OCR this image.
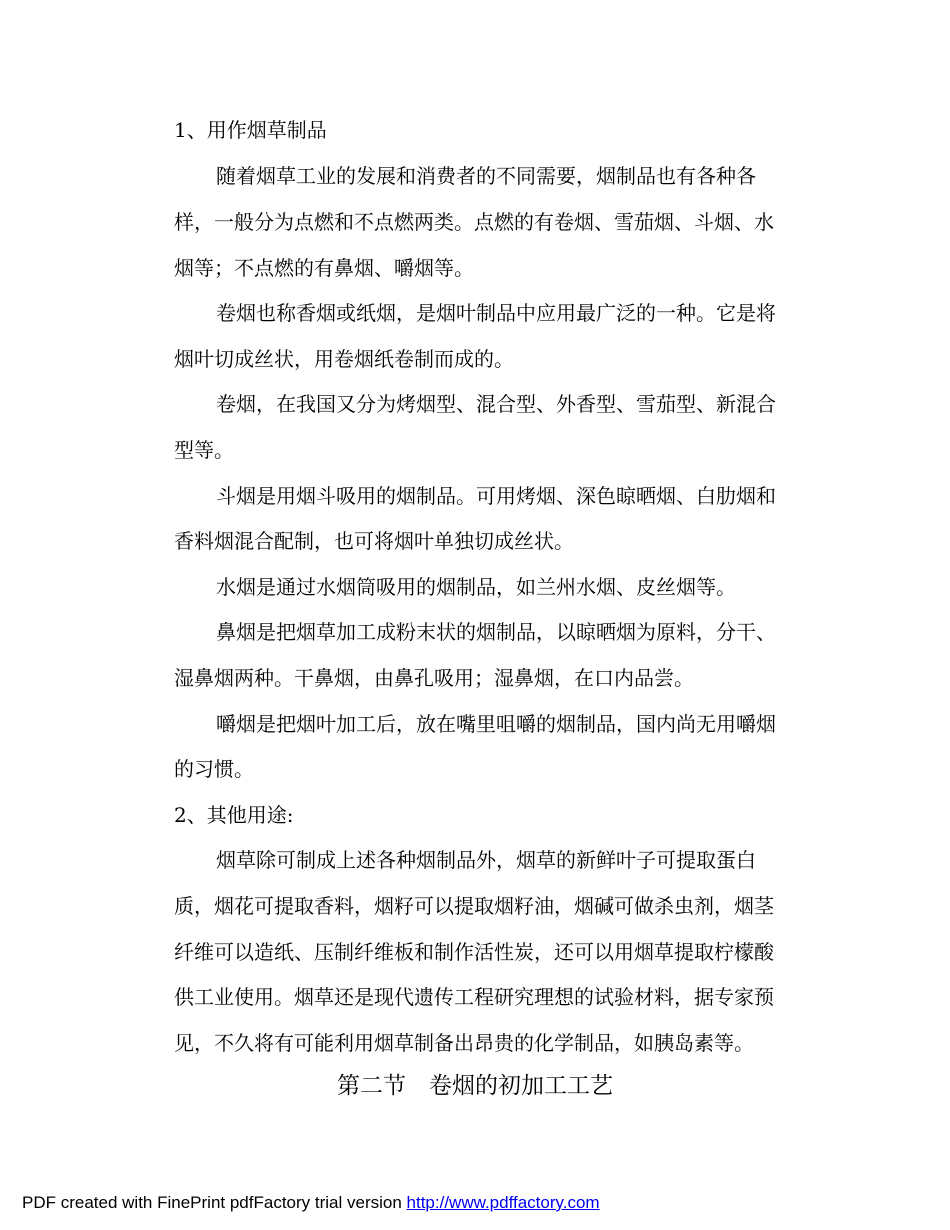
1、用作烟草制品

随着烟草工业的发展和消费者的不同需要，烟制品也有各种各

样，一般分为点燃和不点燃两类。点燃的有卷烟、雪茄烟、斗烟、水

烟等；不点燃的有鼻烟、嚼烟等。

卷烟也称香烟或纸烟，是烟叶制品中应用最广泛的一种。它是将

烟叶切成丝状，用卷烟纸卷制而成的。

卷烟，在我国又分为烤烟型、混合型、外香型、雪茄型、新混合

型等。

斗烟是用烟斗吸用的烟制品。可用烤烟、深色晾晒烟、白肋烟和

香料烟混合配制，也可将烟叶单独切成丝状。

水烟是通过水烟筒吸用的烟制品，如兰州水烟、皮丝烟等。

鼻烟是把烟草加工成粉末状的烟制品，以晾晒烟为原料，分干、

湿鼻烟两种。干鼻烟，由鼻孔吸用；湿鼻烟，在口内品尝。

嚼烟是把烟叶加工后，放在嘴里咀嚼的烟制品，国内尚无用嚼烟

的习惯。

2、其他用途:

烟草除可制成上述各种烟制品外，烟草的新鲜叶子可提取蛋白

质，烟花可提取香料，烟籽可以提取烟籽油，烟碱可做杀虫剂，烟茎

纤维可以造纸、压制纤维板和制作活性炭，还可以用烟草提取柠檬酸

供工业使用。烟草还是现代遗传工程研究理想的试验材料，据专家预

见，不久将有可能利用烟草制备出昂贵的化学制品，如胰岛素等。

第二节　卷烟的初加工工艺
PDF created with FinePrint pdfFactory trial version http://www.pdffactory.com
